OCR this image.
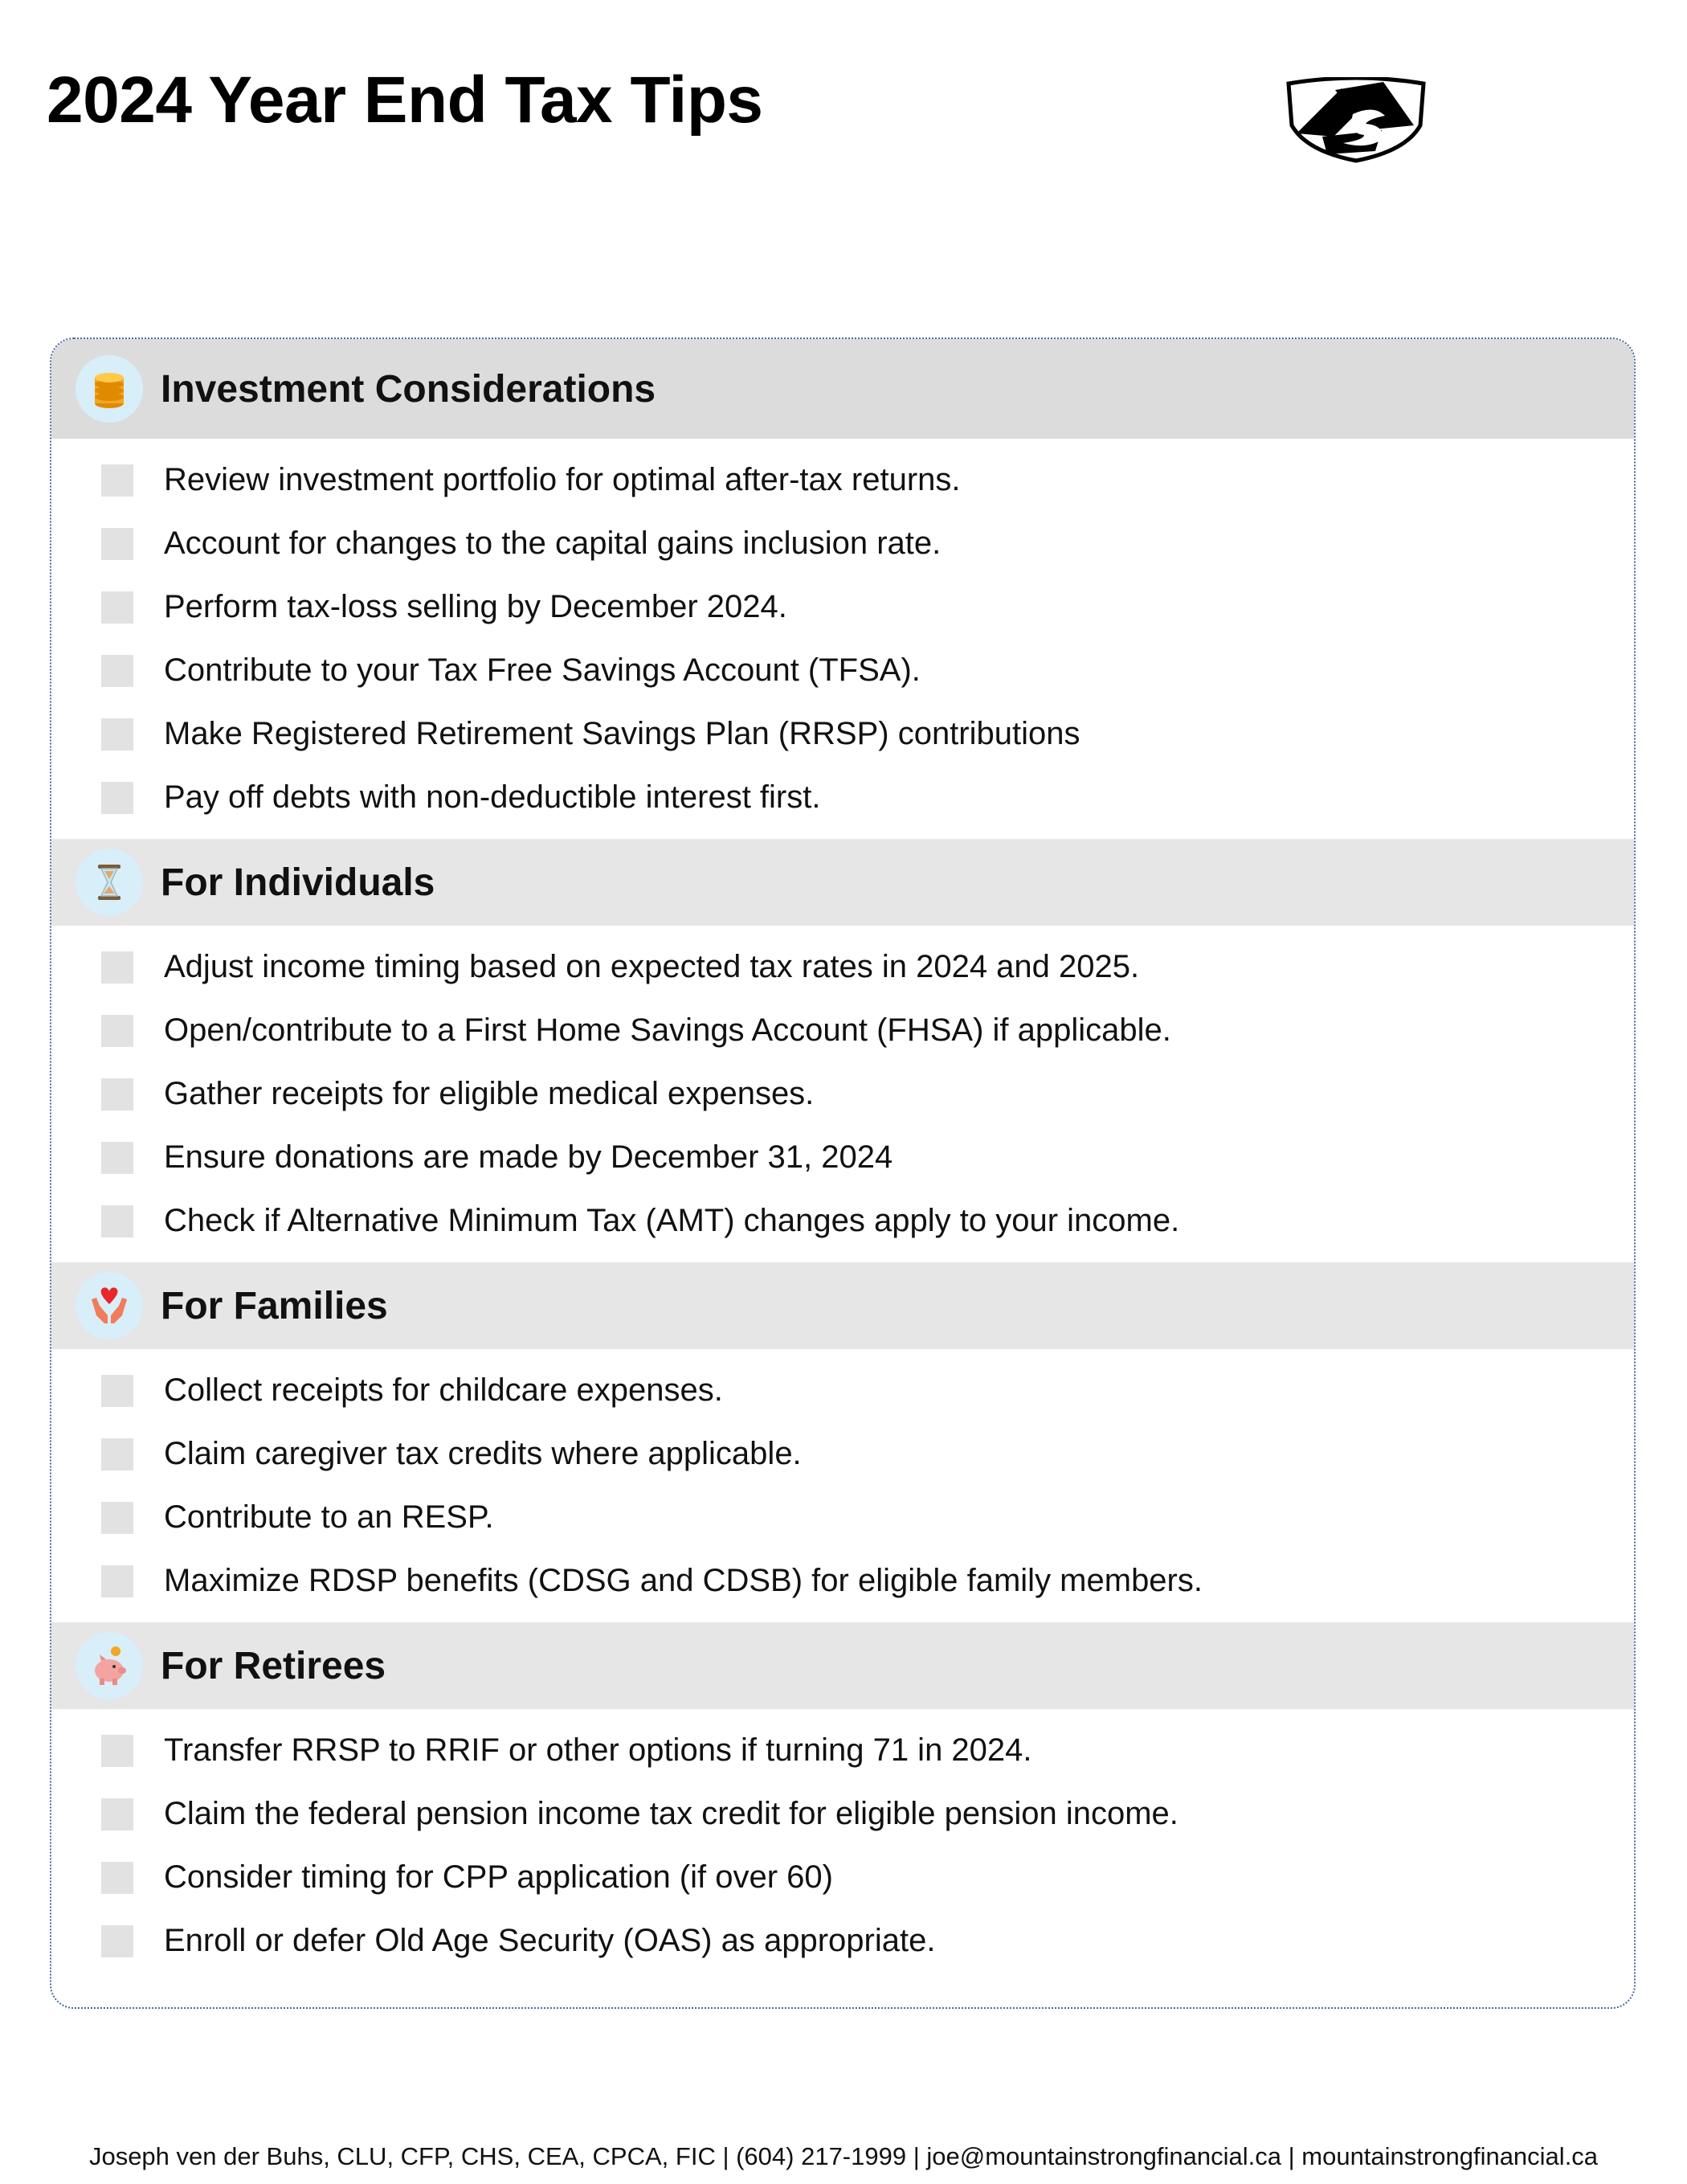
2024 Year End Tax Tips
Investment Considerations
Review investment portfolio for optimal after-tax returns.
Account for changes to the capital gains inclusion rate.
Perform tax-loss selling by December 2024.
Contribute to your Tax Free Savings Account (TFSA).
Make Registered Retirement Savings Plan (RRSP) contributions
Pay off debts with non-deductible interest first.
For Individuals
Adjust income timing based on expected tax rates in 2024 and 2025.
Open/contribute to a First Home Savings Account (FHSA) if applicable.
Gather receipts for eligible medical expenses.
Ensure donations are made by December 31, 2024
Check if Alternative Minimum Tax (AMT) changes apply to your income.
For Families
Collect receipts for childcare expenses.
Claim caregiver tax credits where applicable.
Contribute to an RESP.
Maximize RDSP benefits (CDSG and CDSB) for eligible family members.
For Retirees
Transfer RRSP to RRIF or other options if turning 71 in 2024.
Claim the federal pension income tax credit for eligible pension income.
Consider timing for CPP application (if over 60)
Enroll or defer Old Age Security (OAS) as appropriate.
Joseph ven der Buhs, CLU, CFP, CHS, CEA, CPCA, FIC | (604) 217-1999 | joe@mountainstrongfinancial.ca | mountainstrongfinancial.ca
